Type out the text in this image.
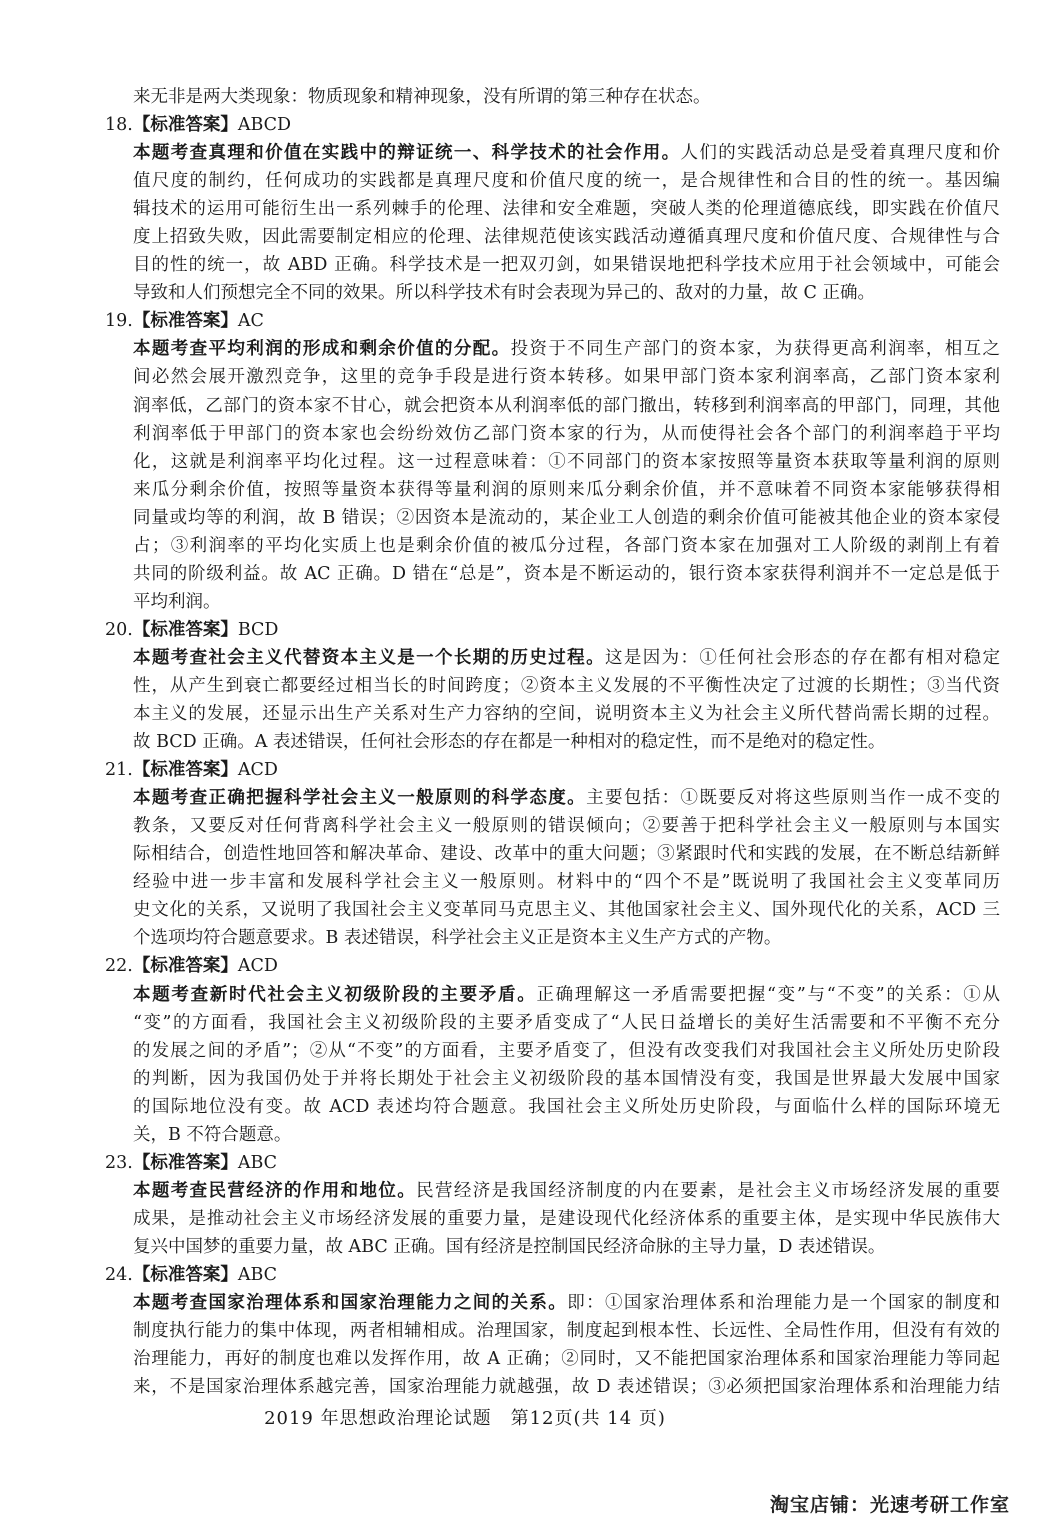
来无非是两大类现象：物质现象和精神现象，没有所谓的第三种存在状态。
18.【标准答案】ABCD
本题考查真理和价值在实践中的辩证统一、科学技术的社会作用。人们的实践活动总是受着真理尺度和价
值尺度的制约，任何成功的实践都是真理尺度和价值尺度的统一，是合规律性和合目的性的统一。基因编
辑技术的运用可能衍生出一系列棘手的伦理、法律和安全难题，突破人类的伦理道德底线，即实践在价值尺
度上招致失败，因此需要制定相应的伦理、法律规范使该实践活动遵循真理尺度和价值尺度、合规律性与合
目的性的统一，故 ABD 正确。科学技术是一把双刃剑，如果错误地把科学技术应用于社会领域中，可能会
导致和人们预想完全不同的效果。所以科学技术有时会表现为异己的、敌对的力量，故 C 正确。
19.【标准答案】AC
本题考查平均利润的形成和剩余价值的分配。投资于不同生产部门的资本家，为获得更高利润率，相互之
间必然会展开激烈竞争，这里的竞争手段是进行资本转移。如果甲部门资本家利润率高，乙部门资本家利
润率低，乙部门的资本家不甘心，就会把资本从利润率低的部门撤出，转移到利润率高的甲部门，同理，其他
利润率低于甲部门的资本家也会纷纷效仿乙部门资本家的行为，从而使得社会各个部门的利润率趋于平均
化，这就是利润率平均化过程。这一过程意味着：①不同部门的资本家按照等量资本获取等量利润的原则
来瓜分剩余价值，按照等量资本获得等量利润的原则来瓜分剩余价值，并不意味着不同资本家能够获得相
同量或均等的利润，故 B 错误；②因资本是流动的，某企业工人创造的剩余价值可能被其他企业的资本家侵
占；③利润率的平均化实质上也是剩余价值的被瓜分过程，各部门资本家在加强对工人阶级的剥削上有着
共同的阶级利益。故 AC 正确。D 错在“总是”，资本是不断运动的，银行资本家获得利润并不一定总是低于
平均利润。
20.【标准答案】BCD
本题考查社会主义代替资本主义是一个长期的历史过程。这是因为：①任何社会形态的存在都有相对稳定
性，从产生到衰亡都要经过相当长的时间跨度；②资本主义发展的不平衡性决定了过渡的长期性；③当代资
本主义的发展，还显示出生产关系对生产力容纳的空间，说明资本主义为社会主义所代替尚需长期的过程。
故 BCD 正确。A 表述错误，任何社会形态的存在都是一种相对的稳定性，而不是绝对的稳定性。
21.【标准答案】ACD
本题考查正确把握科学社会主义一般原则的科学态度。主要包括：①既要反对将这些原则当作一成不变的
教条，又要反对任何背离科学社会主义一般原则的错误倾向；②要善于把科学社会主义一般原则与本国实
际相结合，创造性地回答和解决革命、建设、改革中的重大问题；③紧跟时代和实践的发展，在不断总结新鲜
经验中进一步丰富和发展科学社会主义一般原则。材料中的“四个不是”既说明了我国社会主义变革同历
史文化的关系，又说明了我国社会主义变革同马克思主义、其他国家社会主义、国外现代化的关系，ACD 三
个选项均符合题意要求。B 表述错误，科学社会主义正是资本主义生产方式的产物。
22.【标准答案】ACD
本题考查新时代社会主义初级阶段的主要矛盾。正确理解这一矛盾需要把握“变”与“不变”的关系：①从
“变”的方面看，我国社会主义初级阶段的主要矛盾变成了“人民日益增长的美好生活需要和不平衡不充分
的发展之间的矛盾”；②从“不变”的方面看，主要矛盾变了，但没有改变我们对我国社会主义所处历史阶段
的判断，因为我国仍处于并将长期处于社会主义初级阶段的基本国情没有变，我国是世界最大发展中国家
的国际地位没有变。故 ACD 表述均符合题意。我国社会主义所处历史阶段，与面临什么样的国际环境无
关，B 不符合题意。
23.【标准答案】ABC
本题考查民营经济的作用和地位。民营经济是我国经济制度的内在要素，是社会主义市场经济发展的重要
成果，是推动社会主义市场经济发展的重要力量，是建设现代化经济体系的重要主体，是实现中华民族伟大
复兴中国梦的重要力量，故 ABC 正确。国有经济是控制国民经济命脉的主导力量，D 表述错误。
24.【标准答案】ABC
本题考查国家治理体系和国家治理能力之间的关系。即：①国家治理体系和治理能力是一个国家的制度和
制度执行能力的集中体现，两者相辅相成。治理国家，制度起到根本性、长远性、全局性作用，但没有有效的
治理能力，再好的制度也难以发挥作用，故 A 正确；②同时，又不能把国家治理体系和国家治理能力等同起
来，不是国家治理体系越完善，国家治理能力就越强，故 D 表述错误；③必须把国家治理体系和治理能力结
2019 年思想政治理论试题　第12页(共 14 页)
淘宝店铺：光速考研工作室
